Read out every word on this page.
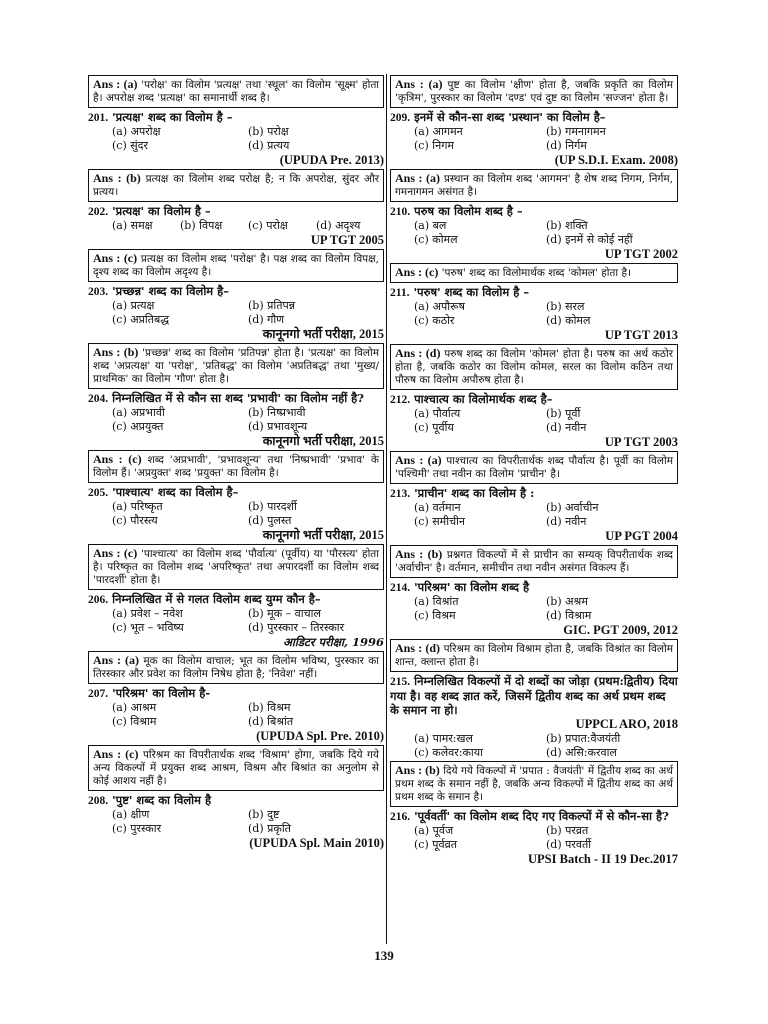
Ans : (a) 'परोक्ष' का विलोम 'प्रत्यक्ष' तथा 'स्थूल' का विलोम 'सूक्ष्म' होता है। अपरोक्ष शब्द 'प्रत्यक्ष' का समानार्थी शब्द है।
201. 'प्रत्यक्ष' शब्द का विलोम है –
(a) अपरोक्ष	(b) परोक्ष
(c) सुंदर	(d) प्रत्यय
(UPUDA Pre. 2013)
Ans : (b) प्रत्यक्ष का विलोम शब्द परोक्ष है; न कि अपरोक्ष, सुंदर और प्रत्यय।
202. 'प्रत्यक्ष' का विलोम है –
(a) समक्ष	(b) विपक्ष	(c) परोक्ष	(d) अदृश्य
UP TGT 2005
Ans : (c) प्रत्यक्ष का विलोम शब्द 'परोक्ष' है। पक्ष शब्द का विलोम विपक्ष, दृश्य शब्द का विलोम अदृश्य है।
203. 'प्रच्छन्न' शब्द का विलोम है–
(a) प्रत्यक्ष	(b) प्रतिपन्न
(c) अप्रतिबद्ध	(d) गौण
कानूनगो भर्ती परीक्षा, 2015
Ans : (b) 'प्रच्छन्न' शब्द का विलोम 'प्रतिपन्न' होता है। 'प्रत्यक्ष' का विलोम शब्द 'अप्रत्यक्ष' या 'परोक्ष', 'प्रतिबद्ध' का विलोम 'अप्रतिबद्ध' तथा 'मुख्य/प्राथमिक' का विलोम 'गौण' होता है।
204. निम्नलिखित में से कौन सा शब्द 'प्रभावी' का विलोम नहीं है?
(a) अप्रभावी	(b) निष्प्रभावी
(c) अप्रयुक्त	(d) प्रभावशून्य
कानूनगो भर्ती परीक्षा, 2015
Ans : (c) शब्द 'अप्रभावी', 'प्रभावशून्य' तथा 'निष्प्रभावी' 'प्रभाव' के विलोम हैं। 'अप्रयुक्त' शब्द 'प्रयुक्त' का विलोम है।
205. 'पाश्चात्य' शब्द का विलोम है–
(a) परिष्कृत	(b) पारदर्शी
(c) पौरस्त्य	(d) पुलस्त
कानूनगो भर्ती परीक्षा, 2015
Ans : (c) 'पाश्चात्य' का विलोम शब्द 'पौर्वात्य' (पूर्वीय) या 'पौरस्त्य' होता है। परिष्कृत का विलोम शब्द 'अपरिष्कृत' तथा अपारदर्शी का विलोम शब्द 'पारदर्शी' होता है।
206. निम्नलिखित में से गलत विलोम शब्द युग्म कौन है–
(a) प्रवेश – नवेश	(b) मूक – वाचाल
(c) भूत – भविष्य	(d) पुरस्कार – तिरस्कार
आडिटर परीक्षा, 1996
Ans : (a) मूक का विलोम वाचाल; भूत का विलोम भविष्य, पुरस्कार का तिरस्कार और प्रवेश का विलोम निषेध होता है; 'निवेश' नहीं।
207. 'परिश्रम' का विलोम है-
(a) आश्रम	(b) विश्रम
(c) विश्राम	(d) बिश्रांत
(UPUDA Spl. Pre. 2010)
Ans : (c) परिश्रम का विपरीतार्थक शब्द 'विश्राम' होगा, जबकि दिये गये अन्य विकल्पों में प्रयुक्त शब्द आश्रम, विश्रम और बिश्रांत का अनुलोम से कोई आशय नहीं है।
208. 'पुष्ट' शब्द का विलोम है
(a) क्षीण	(b) दुष्ट
(c) पुरस्कार	(d) प्रकृति
(UPUDA Spl. Main 2010)
Ans : (a) पुष्ट का विलोम 'क्षीण' होता है, जबकि प्रकृति का विलोम 'कृत्रिम', पुरस्कार का विलोम 'दण्ड' एवं दुष्ट का विलोम 'सज्जन' होता है।
209. इनमें से कौन-सा शब्द 'प्रस्थान' का विलोम है–
(a) आगमन	(b) गमनागमन
(c) निगम	(d) निर्गम
(UP S.D.I. Exam. 2008)
Ans : (a) प्रस्थान का विलोम शब्द 'आगमन' है शेष शब्द निगम, निर्गम, गमनागमन असंगत है।
210. परुष का विलोम शब्द है –
(a) बल	(b) शक्ति
(c) कोमल	(d) इनमें से कोई नहीं
UP TGT 2002
Ans : (c) 'परुष' शब्द का विलोमार्थक शब्द 'कोमल' होता है।
211. 'परुष' शब्द का विलोम है –
(a) अपौरूष	(b) सरल
(c) कठोर	(d) कोमल
UP TGT 2013
Ans : (d) परुष शब्द का विलोम 'कोमल' होता है। परुष का अर्थ कठोर होता है, जबकि कठोर का विलोम कोमल, सरल का विलोम कठिन तथा पौरुष का विलोम अपौरुष होता है।
212. पाश्चात्य का विलोमार्थक शब्द है–
(a) पौर्वात्य	(b) पूर्वी
(c) पूर्वीय	(d) नवीन
UP TGT 2003
Ans : (a) पाश्चात्य का विपरीतार्थक शब्द पौर्वात्य है। पूर्वी का विलोम 'पश्चिमी' तथा नवीन का विलोम 'प्राचीन' है।
213. 'प्राचीन' शब्द का विलोम है :
(a) वर्तमान	(b) अर्वाचीन
(c) समीचीन	(d) नवीन
UP PGT 2004
Ans : (b) प्रश्नगत विकल्पों में से प्राचीन का सम्यक् विपरीतार्थक शब्द 'अर्वाचीन' है। वर्तमान, समीचीन तथा नवीन असंगत विकल्प हैं।
214. 'परिश्रम' का विलोम शब्द है
(a) विश्रांत	(b) अश्रम
(c) विश्रम	(d) विश्राम
GIC. PGT 2009, 2012
Ans : (d) परिश्रम का विलोम विश्राम होता है, जबकि विश्रांत का विलोम शान्त, क्लान्त होता है।
215. निम्नलिखित विकल्पों में दो शब्दों का जोड़ा (प्रथम:द्वितीय) दिया गया है। वह शब्द ज्ञात करें, जिसमें द्वितीय शब्द का अर्थ प्रथम शब्द के समान ना हो।
UPPCL ARO, 2018
(a) पामर:खल	(b) प्रपात:वैजयंती
(c) कलेवर:काया	(d) असि:करवाल
Ans : (b) दिये गये विकल्पों में 'प्रपात : वैजयंती' में द्वितीय शब्द का अर्थ प्रथम शब्द के समान नहीं है, जबकि अन्य विकल्पों में द्वितीय शब्द का अर्थ प्रथम शब्द के समान है।
216. 'पूर्ववर्ती' का विलोम शब्द दिए गए विकल्पों में से कौन-सा है?
(a) पूर्वज	(b) परव्रत
(c) पूर्वव्रत	(d) परवर्ती
UPSI Batch - II 19 Dec.2017
139
